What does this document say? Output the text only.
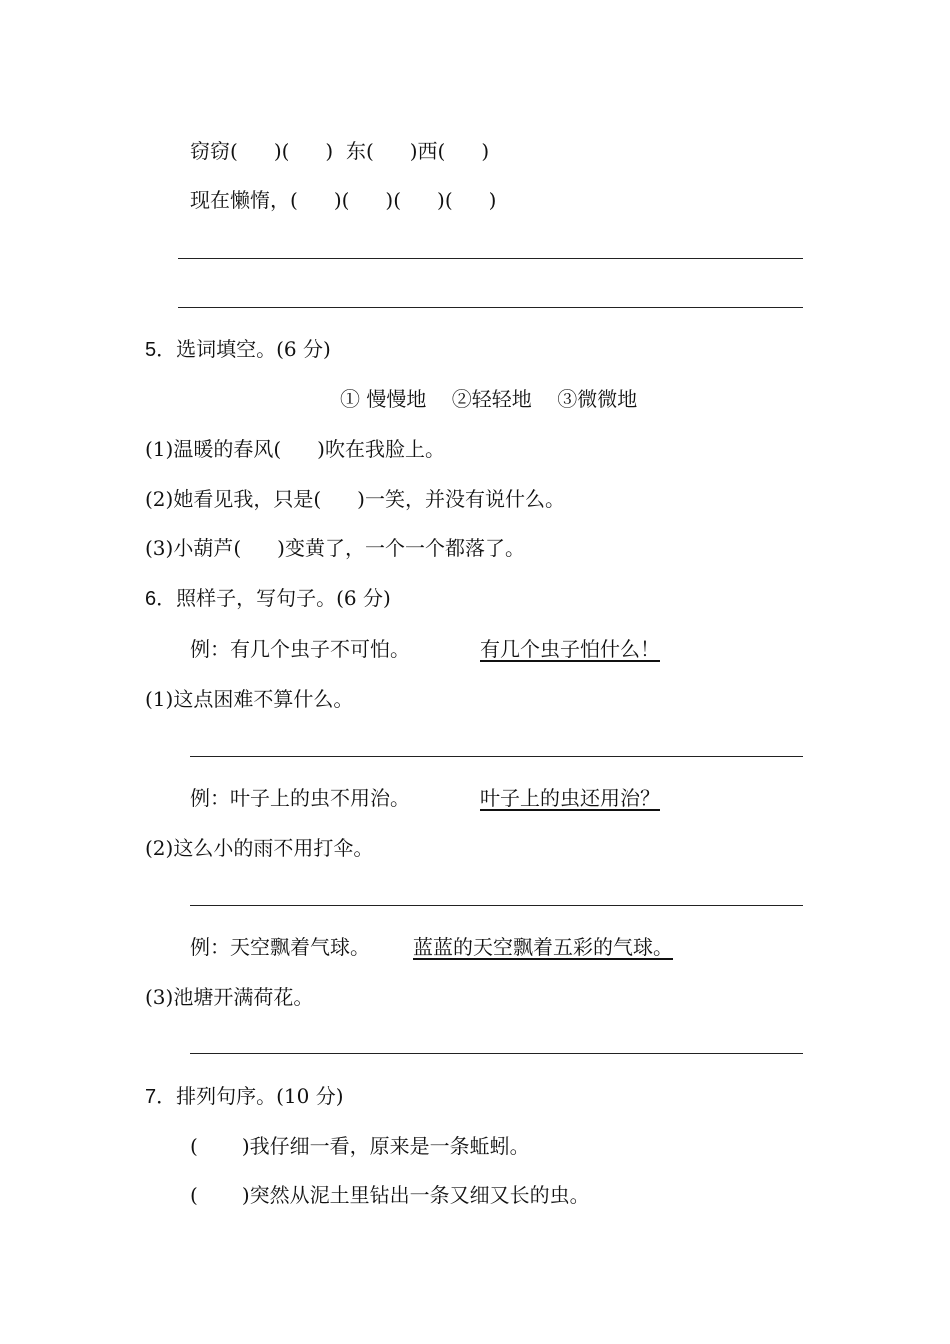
窃窃( )( )  东( )西( )
现在懒惰，( )( )( )( )
5．选词填空。(6 分)
① 慢慢地    ②轻轻地    ③微微地
(1)温暖的春风( )吹在我脸上。
(2)她看见我，只是( )一笑，并没有说什么。
(3)小葫芦( )变黄了，一个一个都落了。
6．照样子，写句子。(6 分)
例：有几个虫子不可怕。	有几个虫子怕什么！
(1)这点困难不算什么。
例：叶子上的虫不用治。	叶子上的虫还用治？
(2)这么小的雨不用打伞。
例：天空飘着气球。 蓝蓝的天空飘着五彩的气球。
(3)池塘开满荷花。
7．排列句序。(10 分)
( )我仔细一看，原来是一条蚯蚓。
( )突然从泥土里钻出一条又细又长的虫。
